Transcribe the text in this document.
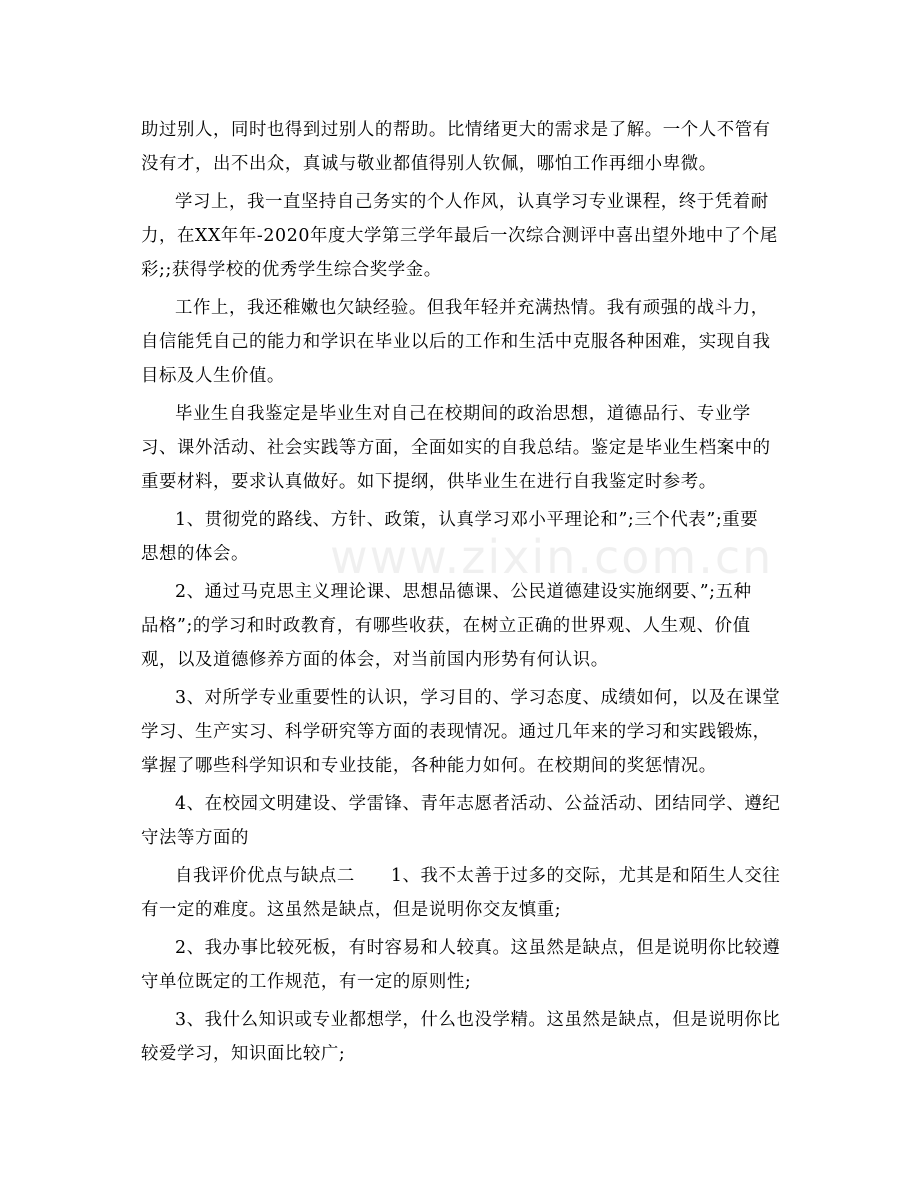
www.zixin.com.cn
助过别人，同时也得到过别人的帮助。比情绪更大的需求是了解。一个人不管有
没有才，出不出众，真诚与敬业都值得别人钦佩，哪怕工作再细小卑微。
学习上，我一直坚持自己务实的个人作风，认真学习专业课程，终于凭着耐
力，在XX年年-2020年度大学第三学年最后一次综合测评中喜出望外地中了个尾
彩;;获得学校的优秀学生综合奖学金。
工作上，我还稚嫩也欠缺经验。但我年轻并充满热情。我有顽强的战斗力，
自信能凭自己的能力和学识在毕业以后的工作和生活中克服各种困难，实现自我
目标及人生价值。
毕业生自我鉴定是毕业生对自己在校期间的政治思想，道德品行、专业学
习、课外活动、社会实践等方面，全面如实的自我总结。鉴定是毕业生档案中的
重要材料，要求认真做好。如下提纲，供毕业生在进行自我鉴定时参考。
1、贯彻党的路线、方针、政策，认真学习邓小平理论和”;三个代表”;重要
思想的体会。
2、通过马克思主义理论课、思想品德课、公民道德建设实施纲要、”;五种
品格”;的学习和时政教育，有哪些收获，在树立正确的世界观、人生观、价值
观，以及道德修养方面的体会，对当前国内形势有何认识。
3、对所学专业重要性的认识，学习目的、学习态度、成绩如何，以及在课堂
学习、生产实习、科学研究等方面的表现情况。通过几年来的学习和实践锻炼，
掌握了哪些科学知识和专业技能，各种能力如何。在校期间的奖惩情况。
4、在校园文明建设、学雷锋、青年志愿者活动、公益活动、团结同学、遵纪
守法等方面的
自我评价优点与缺点二　　1、我不太善于过多的交际，尤其是和陌生人交往
有一定的难度。这虽然是缺点，但是说明你交友慎重;
2、我办事比较死板，有时容易和人较真。这虽然是缺点，但是说明你比较遵
守单位既定的工作规范，有一定的原则性;
3、我什么知识或专业都想学，什么也没学精。这虽然是缺点，但是说明你比
较爱学习，知识面比较广;
